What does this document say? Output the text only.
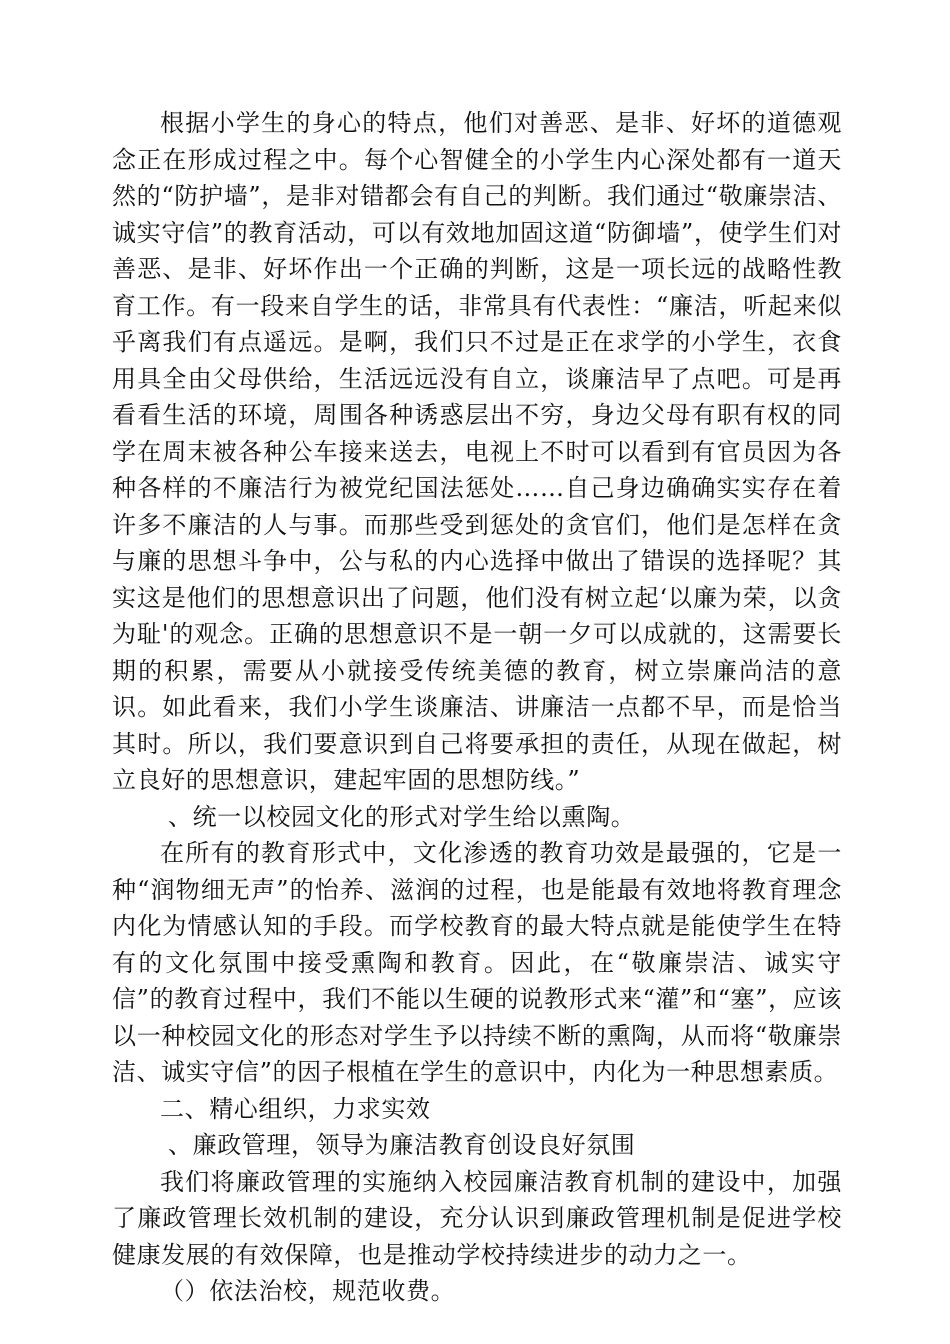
根据小学生的身心的特点，他们对善恶、是非、好坏的道德观念正在形成过程之中。每个心智健全的小学生内心深处都有一道天然的“防护墙”，是非对错都会有自己的判断。我们通过“敬廉崇洁、诚实守信”的教育活动，可以有效地加固这道“防御墙”，使学生们对善恶、是非、好坏作出一个正确的判断，这是一项长远的战略性教育工作。有一段来自学生的话，非常具有代表性：“廉洁，听起来似乎离我们有点遥远。是啊，我们只不过是正在求学的小学生，衣食用具全由父母供给，生活远远没有自立，谈廉洁早了点吧。可是再看看生活的环境，周围各种诱惑层出不穷，身边父母有职有权的同学在周末被各种公车接来送去，电视上不时可以看到有官员因为各种各样的不廉洁行为被党纪国法惩处……自己身边确确实实存在着许多不廉洁的人与事。而那些受到惩处的贪官们，他们是怎样在贪与廉的思想斗争中，公与私的内心选择中做出了错误的选择呢？其实这是他们的思想意识出了问题，他们没有树立起‘以廉为荣，以贪为耻'的观念。正确的思想意识不是一朝一夕可以成就的，这需要长期的积累，需要从小就接受传统美德的教育，树立崇廉尚洁的意识。如此看来，我们小学生谈廉洁、讲廉洁一点都不早，而是恰当其时。所以，我们要意识到自己将要承担的责任，从现在做起，树立良好的思想意识，建起牢固的思想防线。”

、统一以校园文化的形式对学生给以熏陶。

在所有的教育形式中，文化渗透的教育功效是最强的，它是一种“润物细无声”的怡养、滋润的过程，也是能最有效地将教育理念内化为情感认知的手段。而学校教育的最大特点就是能使学生在特有的文化氛围中接受熏陶和教育。因此，在“敬廉崇洁、诚实守信”的教育过程中，我们不能以生硬的说教形式来“灌”和“塞”，应该以一种校园文化的形态对学生予以持续不断的熏陶，从而将“敬廉崇洁、诚实守信”的因子根植在学生的意识中，内化为一种思想素质。

二、精心组织，力求实效

、廉政管理，领导为廉洁教育创设良好氛围

我们将廉政管理的实施纳入校园廉洁教育机制的建设中，加强了廉政管理长效机制的建设，充分认识到廉政管理机制是促进学校健康发展的有效保障，也是推动学校持续进步的动力之一。

（）依法治校，规范收费。
